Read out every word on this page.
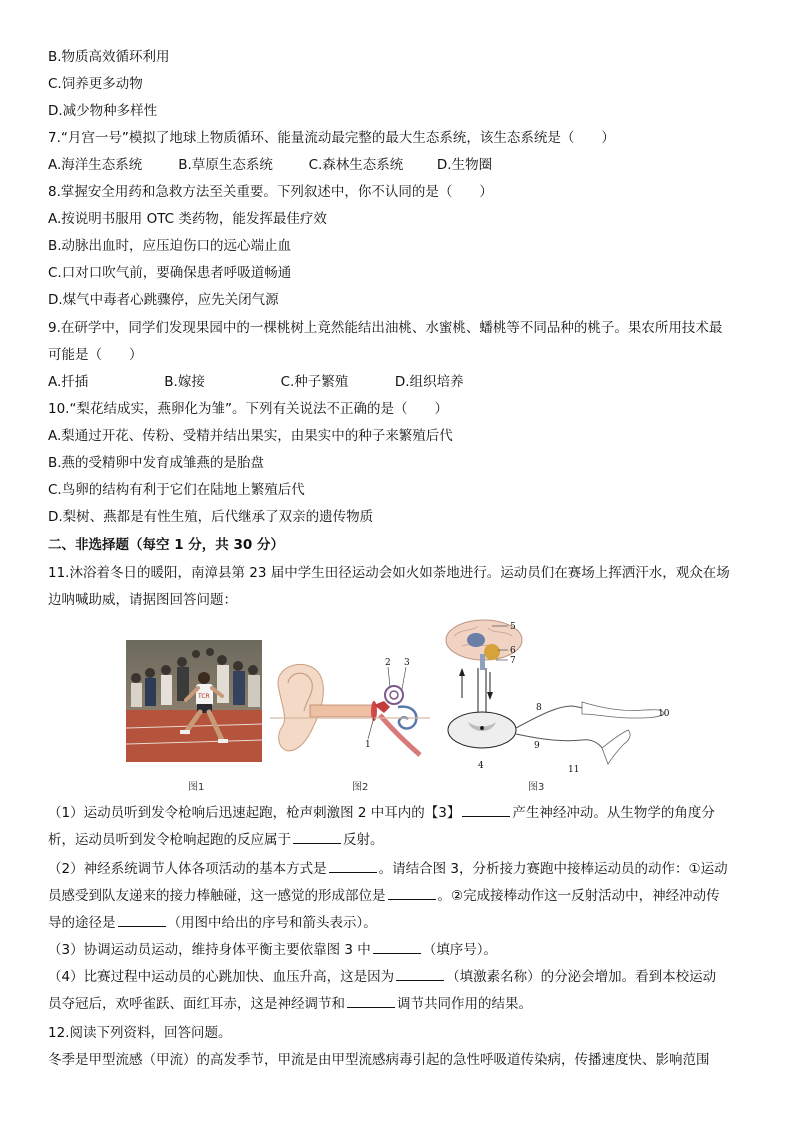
B.物质高效循环利用
C.饲养更多动物
D.减少物种多样性
7.“月宫一号”模拟了地球上物质循环、能量流动最完整的最大生态系统，该生态系统是（　　）
A.海洋生态系统	B.草原生态系统	C.森林生态系统 D.生物圈
8.掌握安全用药和急救方法至关重要。下列叙述中，你不认同的是（　　）
A.按说明书服用 OTC 类药物，能发挥最佳疗效
B.动脉出血时，应压迫伤口的远心端止血
C.口对口吹气前，要确保患者呼吸道畅通
D.煤气中毒者心跳骤停，应先关闭气源
9.在研学中，同学们发现果园中的一棵桃树上竟然能结出油桃、水蜜桃、蟠桃等不同品种的桃子。果农所用技术最
可能是（　　）
A.扦插	B.嫁接	C.种子繁殖	D.组织培养
10.“梨花结成实，燕卵化为雏”。下列有关说法不正确的是（　　）
A.梨通过开花、传粉、受精并结出果实，由果实中的种子来繁殖后代
B.燕的受精卵中发育成雏燕的是胎盘
C.鸟卵的结构有利于它们在陆地上繁殖后代
D.梨树、燕都是有性生殖，后代继承了双亲的遗传物质
二、非选择题（每空 1 分，共 30 分）
11.沐浴着冬日的暖阳，南漳县第 23 届中学生田径运动会如火如荼地进行。运动员们在赛场上挥洒汗水，观众在场
边呐喊助威，请据图回答问题：
TCR
图1
1
2 3
图2
5
6
7
4
8
9
10
11
图3
（1）运动员听到发令枪响后迅速起跑，枪声刺激图 2 中耳内的【3】	产生神经冲动。从生物学的角度分
析，运动员听到发令枪响起跑的反应属于	反射。
（2）神经系统调节人体各项活动的基本方式是	。请结合图 3，分析接力赛跑中接棒运动员的动作：①运动
员感受到队友递来的接力棒触碰，这一感觉的形成部位是	。②完成接棒动作这一反射活动中，神经冲动传
导的途径是	（用图中给出的序号和箭头表示）。
（3）协调运动员运动，维持身体平衡主要依靠图 3 中	（填序号）。
（4）比赛过程中运动员的心跳加快、血压升高，这是因为	（填激素名称）的分泌会增加。看到本校运动
员夺冠后，欢呼雀跃、面红耳赤，这是神经调节和	调节共同作用的结果。
12.阅读下列资料，回答问题。
冬季是甲型流感（甲流）的高发季节，甲流是由甲型流感病毒引起的急性呼吸道传染病，传播速度快、影响范围
